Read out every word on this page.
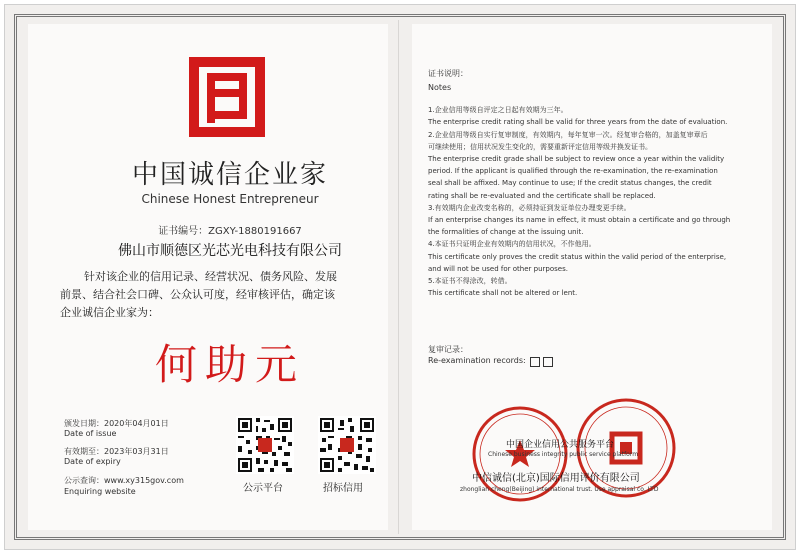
中国诚信企业家
Chinese Honest Entrepreneur
证书编号：ZGXY-1880191667
佛山市顺德区光芯光电科技有限公司
针对该企业的信用记录、经营状况、债务风险、发展
前景、结合社会口碑、公众认可度，经审核评估，确定该
企业诚信企业家为：
何助元
颁发日期：2020年04月01日
Date of issue
有效期至：2023年03月31日
Date of expiry
公示查询：www.xy315gov.com
Enquiring website	公示平台	招标信用
证书说明：
Notes
1.企业信用等级自评定之日起有效期为三年。
The enterprise credit rating shall be valid for three years from the date of evaluation.
2.企业信用等级自实行复审制度，有效期内，每年复审一次。经复审合格的，加盖复审章后
可继续使用；信用状况发生变化的，需要重新评定信用等级并换发证书。
The enterprise credit grade shall be subject to review once a year within the validity
period. If the applicant is qualified through the re-examination, the re-examination
seal shall be affixed. May continue to use; If the credit status changes, the credit
rating shall be re-evaluated and the certificate shall be replaced.
3.有效期内企业改变名称的，必须持证到发证单位办理变更手续。
If an enterprise changes its name in effect, it must obtain a certificate and go through
the formalities of change at the issuing unit.
4.本证书只证明企业有效期内的信用状况，不作他用。
This certificate only proves the credit status within the valid period of the enterprise,
and will not be used for other purposes.
5.本证书不得涂改，转借。
This certificate shall not be altered or lent.
复审记录：
Re-examination records:
中国企业信用公共服务平台
Chinese business integrity public service platform
中信诚信(北京)国际信用评价有限公司
zhonglian cheng(Beijing) international trust. Use appraisal co. LTD
